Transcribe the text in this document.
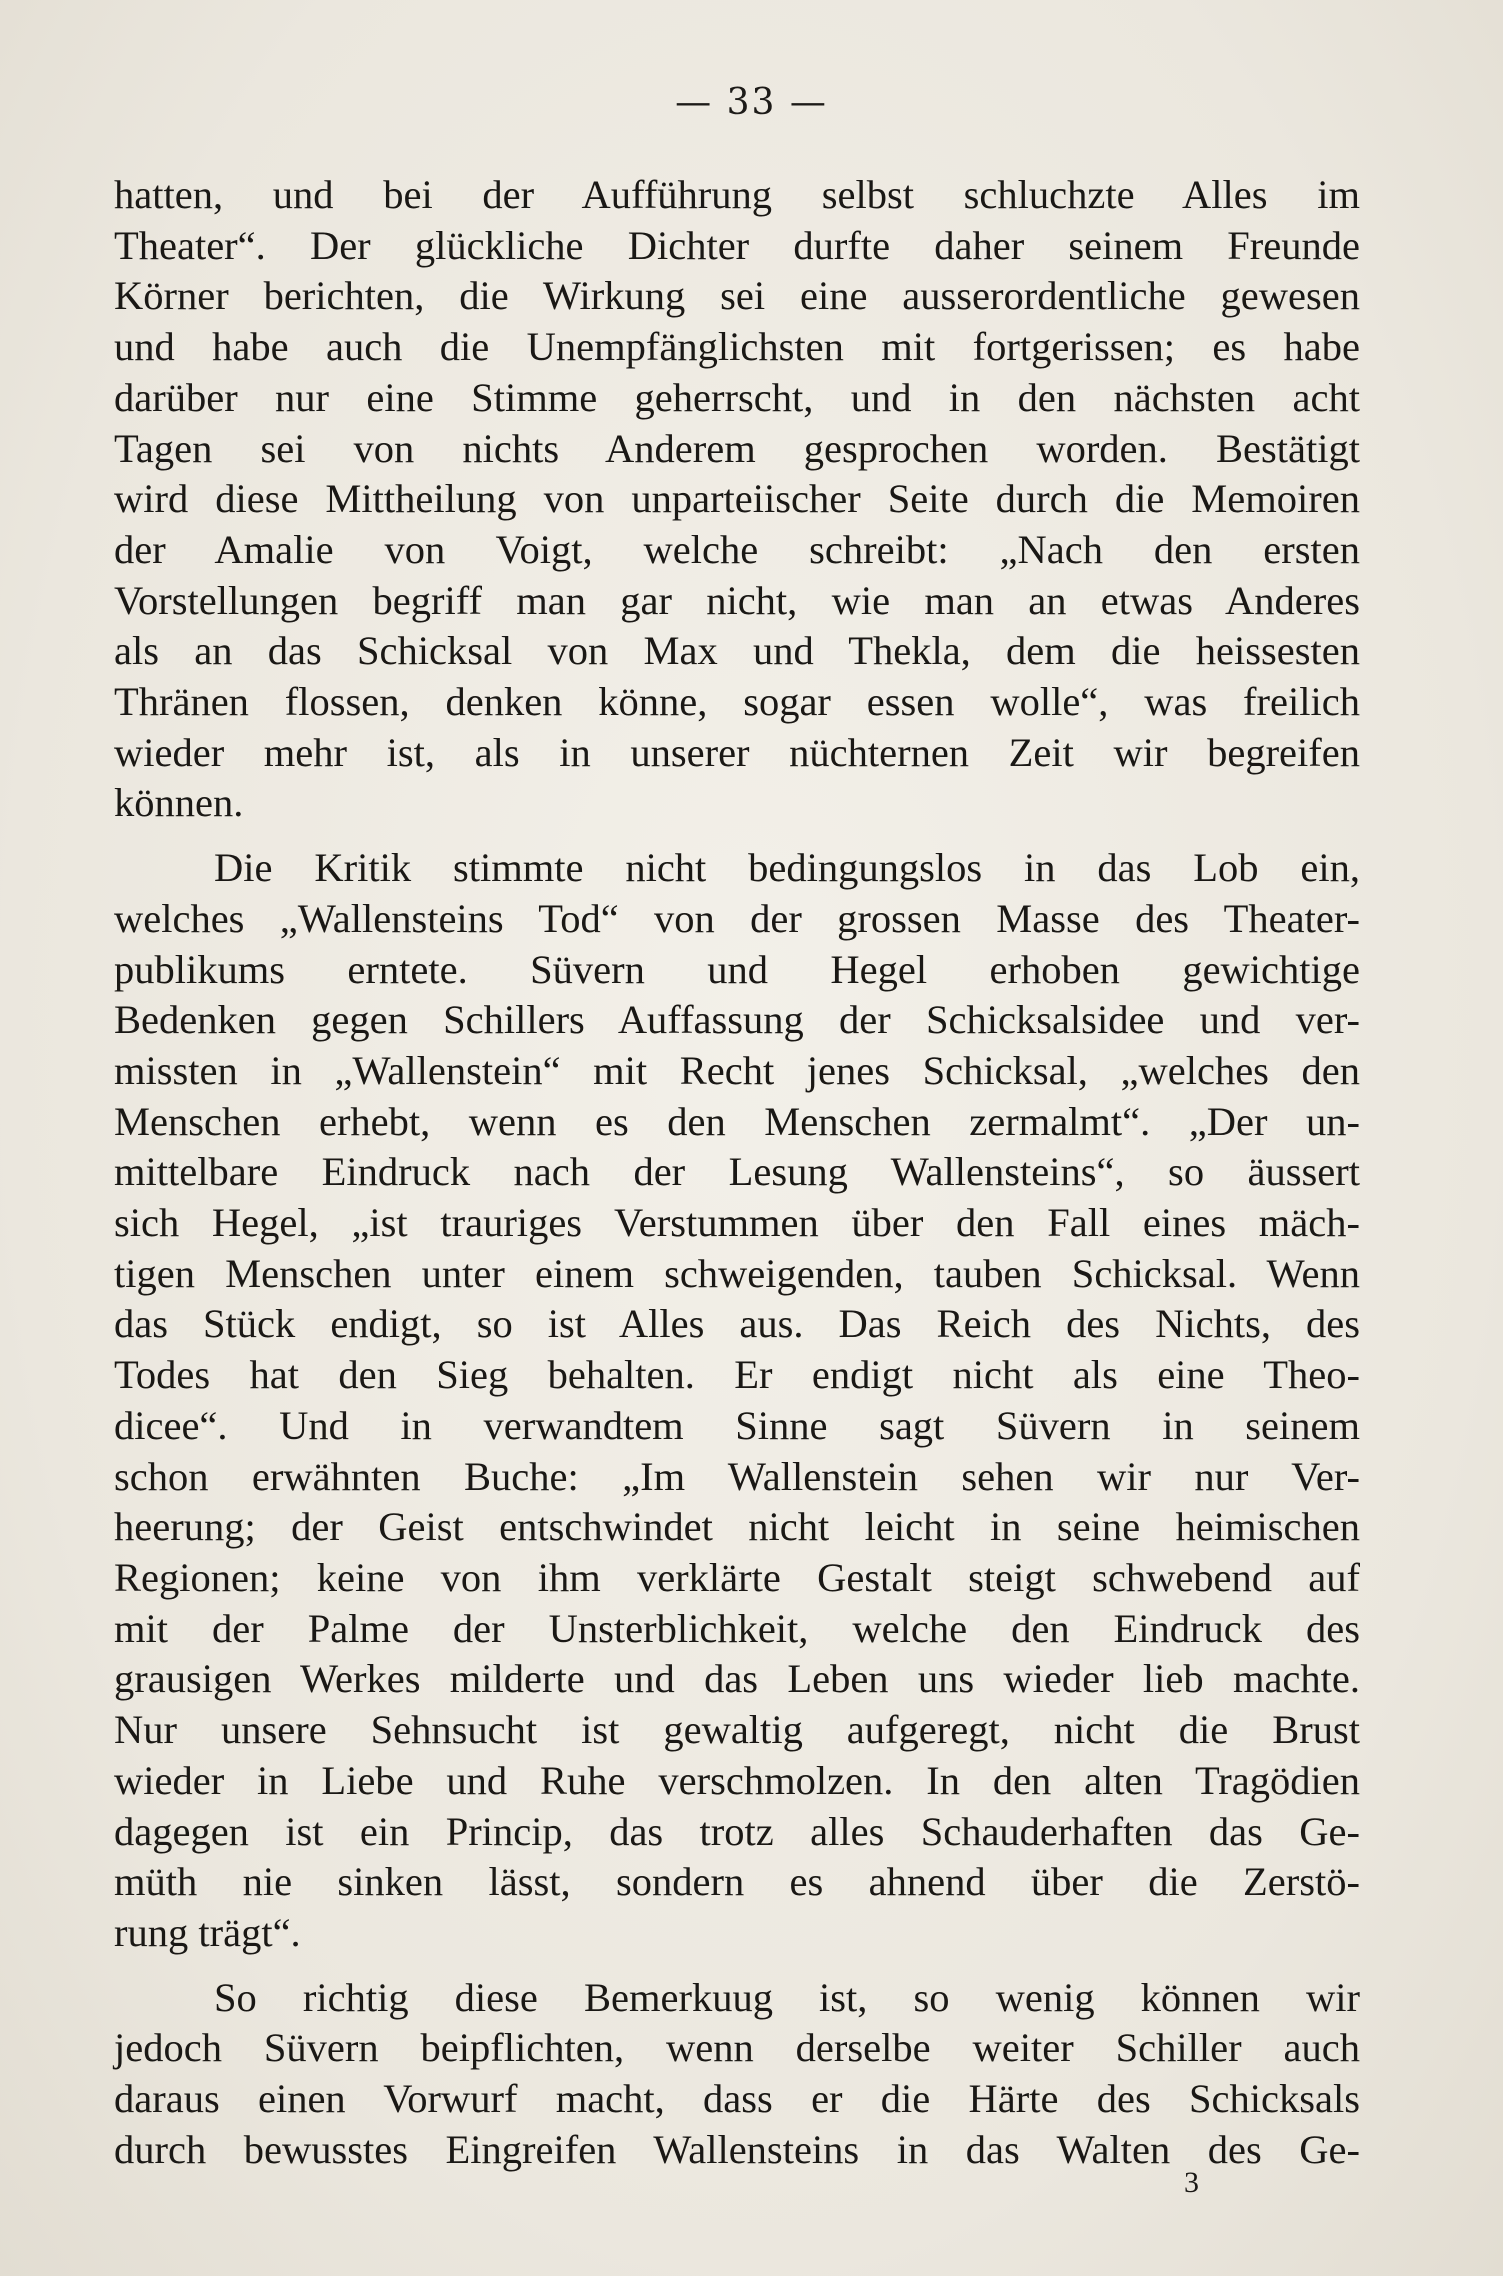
— 33 —

hatten, und bei der Aufführung selbst schluchzte Alles im
Theater“. Der glückliche Dichter durfte daher seinem Freunde
Körner berichten, die Wirkung sei eine ausserordentliche gewesen
und habe auch die Unempfänglichsten mit fortgerissen; es habe
darüber nur eine Stimme geherrscht, und in den nächsten acht
Tagen sei von nichts Anderem gesprochen worden. Bestätigt
wird diese Mittheilung von unparteiischer Seite durch die Memoiren
der Amalie von Voigt, welche schreibt: „Nach den ersten
Vorstellungen begriff man gar nicht, wie man an etwas Anderes
als an das Schicksal von Max und Thekla, dem die heissesten
Thränen flossen, denken könne, sogar essen wolle“, was freilich
wieder mehr ist, als in unserer nüchternen Zeit wir begreifen
können.

Die Kritik stimmte nicht bedingungslos in das Lob ein,
welches „Wallensteins Tod“ von der grossen Masse des Theater-
publikums erntete. Süvern und Hegel erhoben gewichtige
Bedenken gegen Schillers Auffassung der Schicksalsidee und ver-
missten in „Wallenstein“ mit Recht jenes Schicksal, „welches den
Menschen erhebt, wenn es den Menschen zermalmt“. „Der un-
mittelbare Eindruck nach der Lesung Wallensteins“, so äussert
sich Hegel, „ist trauriges Verstummen über den Fall eines mäch-
tigen Menschen unter einem schweigenden, tauben Schicksal. Wenn
das Stück endigt, so ist Alles aus. Das Reich des Nichts, des
Todes hat den Sieg behalten. Er endigt nicht als eine Theo-
dicee“. Und in verwandtem Sinne sagt Süvern in seinem
schon erwähnten Buche: „Im Wallenstein sehen wir nur Ver-
heerung; der Geist entschwindet nicht leicht in seine heimischen
Regionen; keine von ihm verklärte Gestalt steigt schwebend auf
mit der Palme der Unsterblichkeit, welche den Eindruck des
grausigen Werkes milderte und das Leben uns wieder lieb machte.
Nur unsere Sehnsucht ist gewaltig aufgeregt, nicht die Brust
wieder in Liebe und Ruhe verschmolzen. In den alten Tragödien
dagegen ist ein Princip, das trotz alles Schauderhaften das Ge-
müth nie sinken lässt, sondern es ahnend über die Zerstö-
rung trägt“.

So richtig diese Bemerkuug ist, so wenig können wir
jedoch Süvern beipflichten, wenn derselbe weiter Schiller auch
daraus einen Vorwurf macht, dass er die Härte des Schicksals
durch bewusstes Eingreifen Wallensteins in das Walten des Ge-

3
